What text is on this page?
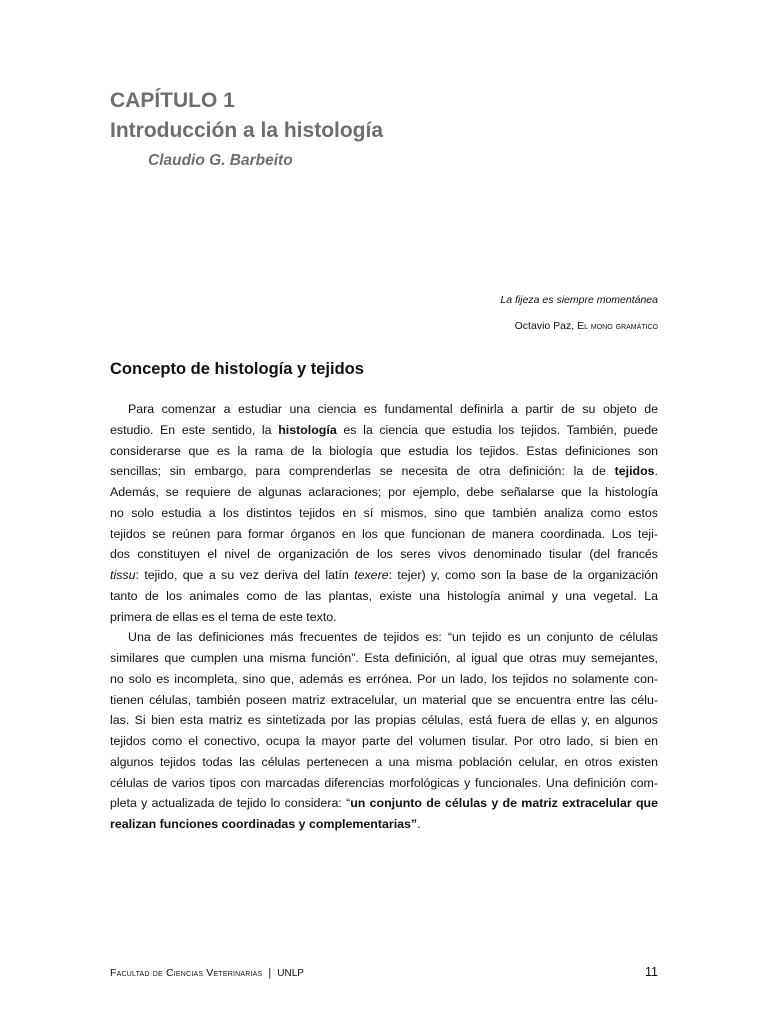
CAPÍTULO 1

Introducción a la histología

Claudio G. Barbeito

La fijeza es siempre momentánea

Octavio Paz, El mono gramático

Concepto de histología y tejidos
Para comenzar a estudiar una ciencia es fundamental definirla a partir de su objeto de
estudio. En este sentido, la histología es la ciencia que estudia los tejidos. También, puede
considerarse que es la rama de la biología que estudia los tejidos. Estas definiciones son
sencillas; sin embargo, para comprenderlas se necesita de otra definición: la de tejidos.
Además, se requiere de algunas aclaraciones; por ejemplo, debe señalarse que la histología
no solo estudia a los distintos tejidos en sí mismos, sino que también analiza como estos
tejidos se reúnen para formar órganos en los que funcionan de manera coordinada. Los teji-
dos constituyen el nivel de organización de los seres vivos denominado tisular (del francés
tissu: tejido, que a su vez deriva del latín texere: tejer) y, como son la base de la organización
tanto de los animales como de las plantas, existe una histología animal y una vegetal. La
primera de ellas es el tema de este texto.
Una de las definiciones más frecuentes de tejidos es: “un tejido es un conjunto de células
similares que cumplen una misma función”. Esta definición, al igual que otras muy semejantes,
no solo es incompleta, sino que, además es errónea. Por un lado, los tejidos no solamente con-
tienen células, también poseen matriz extracelular, un material que se encuentra entre las célu-
las. Si bien esta matriz es sintetizada por las propias células, está fuera de ellas y, en algunos
tejidos como el conectivo, ocupa la mayor parte del volumen tisular. Por otro lado, si bien en
algunos tejidos todas las células pertenecen a una misma población celular, en otros existen
células de varios tipos con marcadas diferencias morfológicas y funcionales. Una definición com-
pleta y actualizada de tejido lo considera: “un conjunto de células y de matriz extracelular que
realizan funciones coordinadas y complementarias”.
Facultad de Ciencias Veterinarias | UNLP	11
